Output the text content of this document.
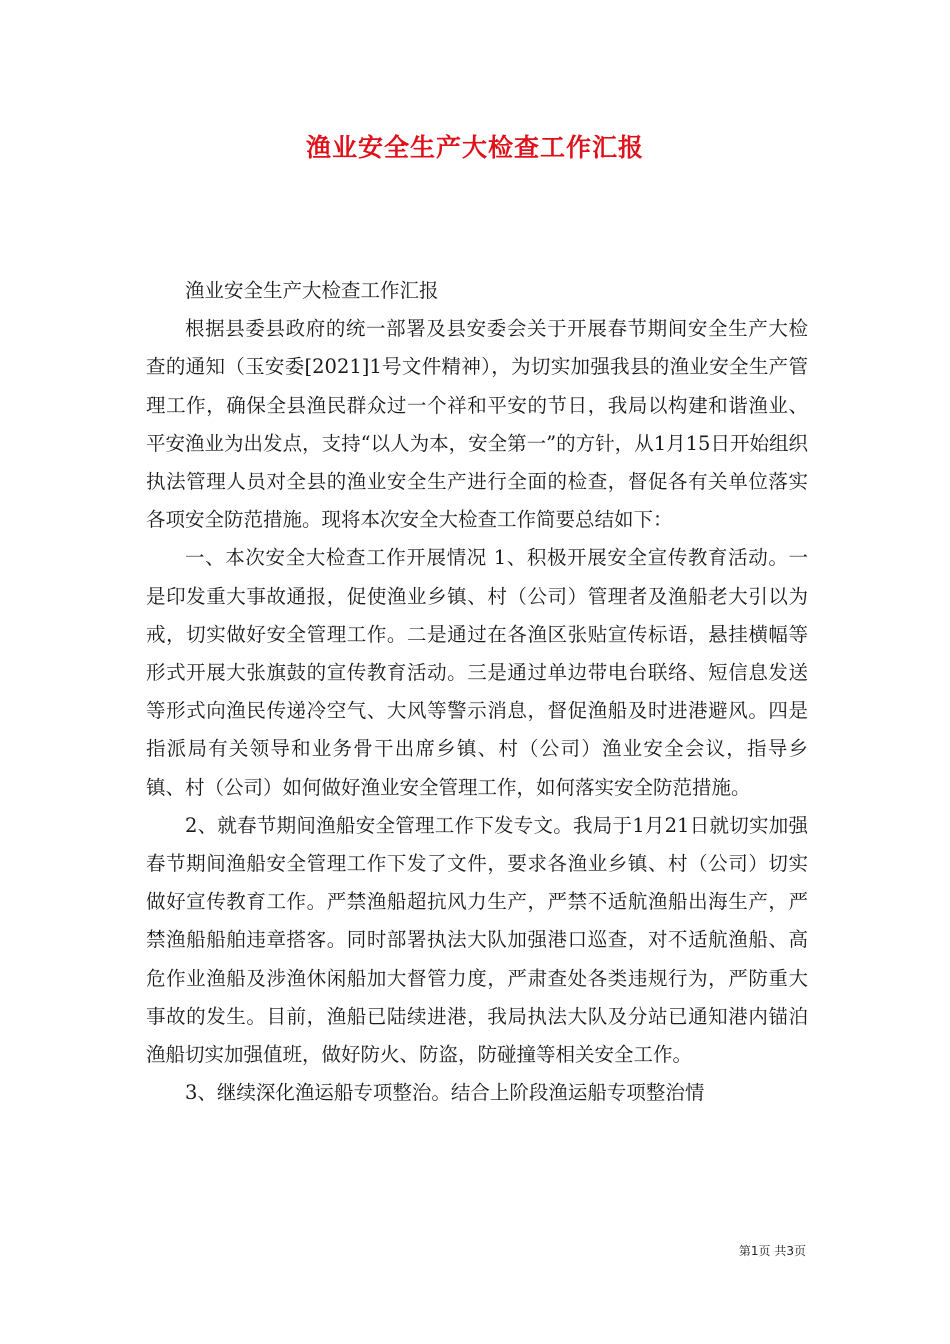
渔业安全生产大检查工作汇报

渔业安全生产大检查工作汇报

根据县委县政府的统一部署及县安委会关于开展春节期间安全生产大检查的通知（玉安委[2021]1号文件精神），为切实加强我县的渔业安全生产管理工作，确保全县渔民群众过一个祥和平安的节日，我局以构建和谐渔业、平安渔业为出发点，支持“以人为本，安全第一”的方针，从1月15日开始组织执法管理人员对全县的渔业安全生产进行全面的检查，督促各有关单位落实各项安全防范措施。现将本次安全大检查工作简要总结如下：

一、本次安全大检查工作开展情况 1、积极开展安全宣传教育活动。一是印发重大事故通报，促使渔业乡镇、村（公司）管理者及渔船老大引以为戒，切实做好安全管理工作。二是通过在各渔区张贴宣传标语，悬挂横幅等形式开展大张旗鼓的宣传教育活动。三是通过单边带电台联络、短信息发送等形式向渔民传递冷空气、大风等警示消息，督促渔船及时进港避风。四是指派局有关领导和业务骨干出席乡镇、村（公司）渔业安全会议，指导乡镇、村（公司）如何做好渔业安全管理工作，如何落实安全防范措施。

2、就春节期间渔船安全管理工作下发专文。我局于1月21日就切实加强春节期间渔船安全管理工作下发了文件，要求各渔业乡镇、村（公司）切实做好宣传教育工作。严禁渔船超抗风力生产，严禁不适航渔船出海生产，严禁渔船船舶违章搭客。同时部署执法大队加强港口巡查，对不适航渔船、高危作业渔船及涉渔休闲船加大督管力度，严肃查处各类违规行为，严防重大事故的发生。目前，渔船已陆续进港，我局执法大队及分站已通知港内锚泊渔船切实加强值班，做好防火、防盗，防碰撞等相关安全工作。

3、继续深化渔运船专项整治。结合上阶段渔运船专项整治情

第1页 共3页
